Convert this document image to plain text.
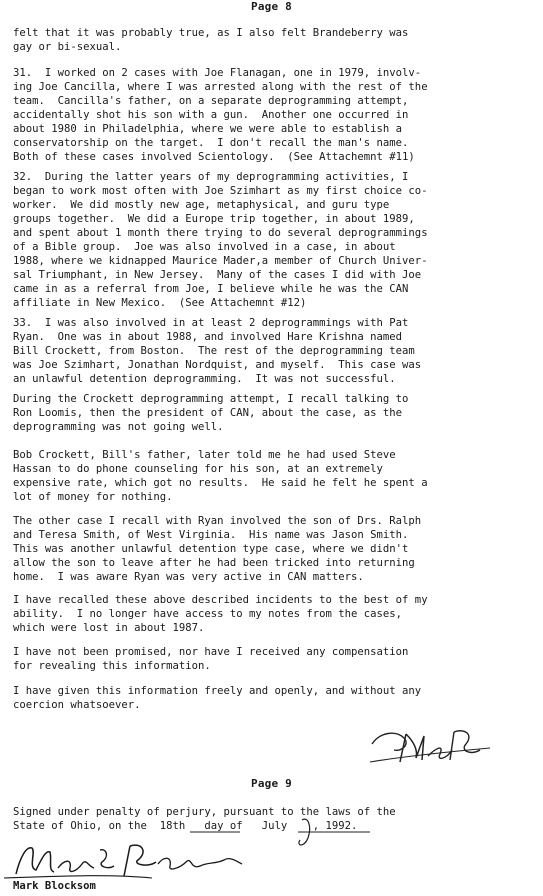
Page 8

felt that it was probably true, as I also felt Brandeberry was
gay or bi-sexual.

31.  I worked on 2 cases with Joe Flanagan, one in 1979, involv-
ing Joe Cancilla, where I was arrested along with the rest of the
team.  Cancilla's father, on a separate deprogramming attempt,
accidentally shot his son with a gun.  Another one occurred in
about 1980 in Philadelphia, where we were able to establish a
conservatorship on the target.  I don't recall the man's name.
Both of these cases involved Scientology.  (See Attachemnt #11)

32.  During the latter years of my deprogramming activities, I
began to work most often with Joe Szimhart as my first choice co-
worker.  We did mostly new age, metaphysical, and guru type
groups together.  We did a Europe trip together, in about 1989,
and spent about 1 month there trying to do several deprogrammings
of a Bible group.  Joe was also involved in a case, in about
1988, where we kidnapped Maurice Mader,a member of Church Univer-
sal Triumphant, in New Jersey.  Many of the cases I did with Joe
came in as a referral from Joe, I believe while he was the CAN
affiliate in New Mexico.  (See Attachemnt #12)

33.  I was also involved in at least 2 deprogrammings with Pat
Ryan.  One was in about 1988, and involved Hare Krishna named
Bill Crockett, from Boston.  The rest of the deprogramming team
was Joe Szimhart, Jonathan Nordquist, and myself.  This case was
an unlawful detention deprogramming.  It was not successful.

During the Crockett deprogramming attempt, I recall talking to
Ron Loomis, then the president of CAN, about the case, as the
deprogramming was not going well.

Bob Crockett, Bill's father, later told me he had used Steve
Hassan to do phone counseling for his son, at an extremely
expensive rate, which got no results.  He said he felt he spent a
lot of money for nothing.

The other case I recall with Ryan involved the son of Drs. Ralph
and Teresa Smith, of West Virginia.  His name was Jason Smith.
This was another unlawful detention type case, where we didn't
allow the son to leave after he had been tricked into returning
home.  I was aware Ryan was very active in CAN matters.

I have recalled these above described incidents to the best of my
ability.  I no longer have access to my notes from the cases,
which were lost in about 1987.

I have not been promised, nor have I received any compensation
for revealing this information.

I have given this information freely and openly, and without any
coercion whatsoever.

Page 9
Signed under penalty of perjury, pursuant to the laws of the
State of Ohio, on the  18th   day of   July    , 1992.
Mark Blocksom
